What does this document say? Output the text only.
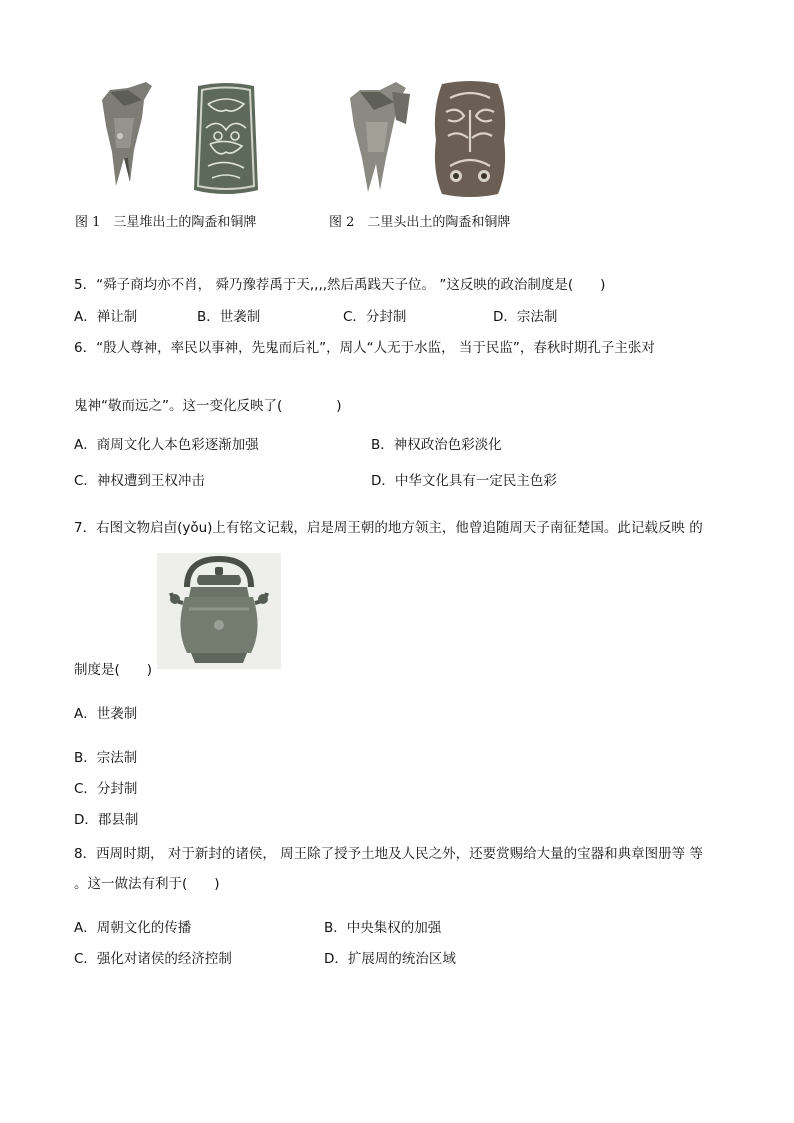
图 1　三星堆出土的陶盉和铜牌	图 2　二里头出土的陶盉和铜牌
5．“舜子商均亦不肖， 舜乃豫荐禹于天,,,,然后禹践天子位。 ”这反映的政治制度是(　　)
A．禅让制	B．世袭制	C．分封制	D．宗法制
6．“殷人尊神，率民以事神，先鬼而后礼”，周人“人无于水监， 当于民监”，春秋时期孔子主张对
鬼神“敬而远之”。这一变化反映了(　　　　)
A．商周文化人本色彩逐渐加强	B．神权政治色彩淡化
C．神权遭到王权冲击	D．中华文化具有一定民主色彩
7．右图文物启卣(yǒu)上有铭文记载，启是周王朝的地方领主，他曾追随周天子南征楚国。此记载反映 的
制度是(　　)
A．世袭制
B．宗法制
C．分封制
D．郡县制
8．西周时期， 对于新封的诸侯， 周王除了授予土地及人民之外，还要赏赐给大量的宝器和典章图册等 等
。这一做法有利于(　　)
A．周朝文化的传播	B．中央集权的加强
C．强化对诸侯的经济控制	D．扩展周的统治区域
